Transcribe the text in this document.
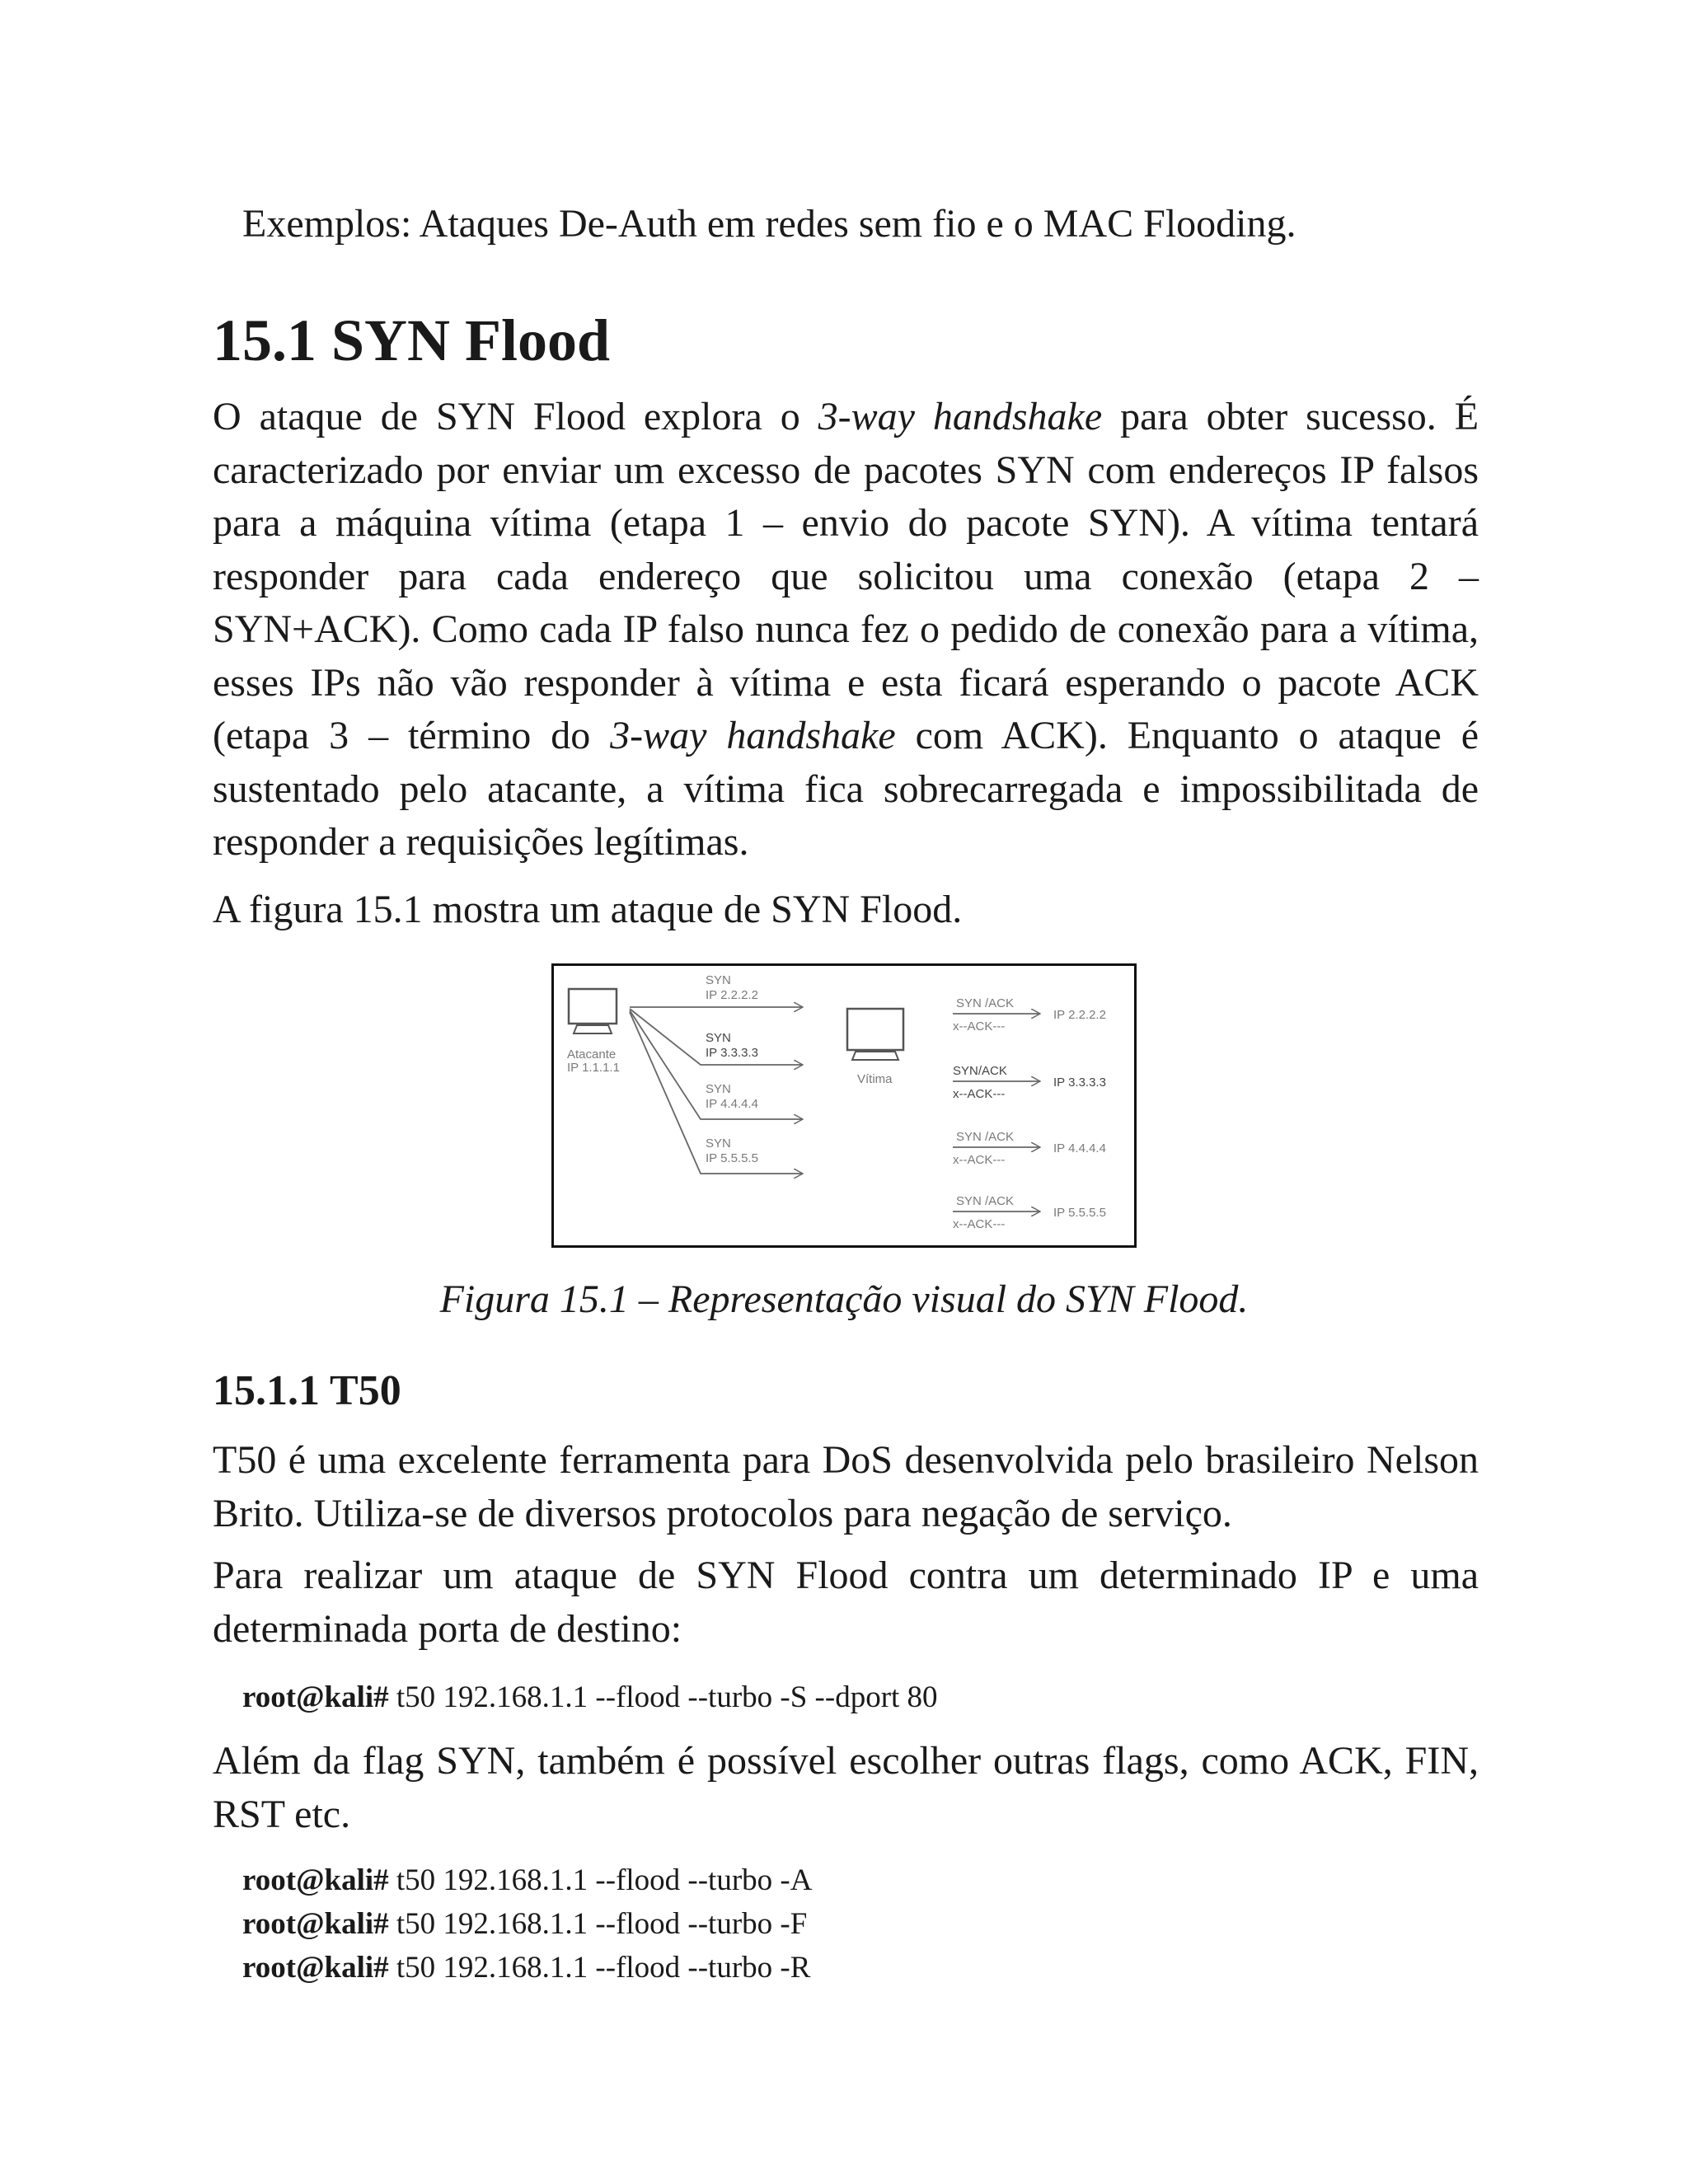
Exemplos: Ataques De-Auth em redes sem fio e o MAC Flooding.

15.1 SYN Flood

O ataque de SYN Flood explora o 3-way handshake para obter sucesso. É caracterizado por enviar um excesso de pacotes SYN com endereços IP falsos para a máquina vítima (etapa 1 – envio do pacote SYN). A vítima tentará responder para cada endereço que solicitou uma conexão (etapa 2 – SYN+ACK). Como cada IP falso nunca fez o pedido de conexão para a vítima, esses IPs não vão responder à vítima e esta ficará esperando o pacote ACK (etapa 3 – término do 3-way handshake com ACK). Enquanto o ataque é sustentado pelo atacante, a vítima fica sobrecarregada e impossibilitada de responder a requisições legítimas.

A figura 15.1 mostra um ataque de SYN Flood.

Atacante
IP 1.1.1.1
SYN
IP 2.2.2.2
SYN
IP 3.3.3.3
SYN
IP 4.4.4.4
SYN
IP 5.5.5.5
Vítima
SYN /ACK
x--ACK---
IP 2.2.2.2
SYN/ACK
x--ACK---
IP 3.3.3.3
SYN /ACK
x--ACK---
IP 4.4.4.4
SYN /ACK
x--ACK---
IP 5.5.5.5

Figura 15.1 – Representação visual do SYN Flood.

15.1.1 T50

T50 é uma excelente ferramenta para DoS desenvolvida pelo brasileiro Nelson Brito. Utiliza-se de diversos protocolos para negação de serviço.

Para realizar um ataque de SYN Flood contra um determinado IP e uma determinada porta de destino:

root@kali# t50 192.168.1.1 --flood --turbo -S --dport 80

Além da flag SYN, também é possível escolher outras flags, como ACK, FIN, RST etc.

root@kali# t50 192.168.1.1 --flood --turbo -A

root@kali# t50 192.168.1.1 --flood --turbo -F

root@kali# t50 192.168.1.1 --flood --turbo -R
